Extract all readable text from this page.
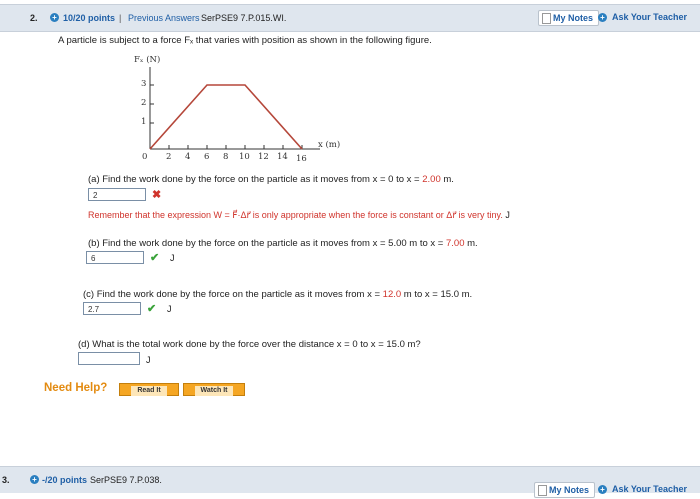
2. + 10/20 points | Previous Answers SerPSE9 7.P.015.WI.	My Notes + Ask Your Teacher
A particle is subject to a force Fₓ that varies with position as shown in the following figure.
Fₓ (N)
3
2
1
0 2 4 6 8 10 12 14 16
x (m)
(a) Find the work done by the force on the particle as it moves from x = 0 to x = 2.00 m.
2	✖
Remember that the expression W = F⃗·Δr⃗ is only appropriate when the force is constant or Δr⃗ is very tiny. J
(b) Find the work done by the force on the particle as it moves from x = 5.00 m to x = 7.00 m.
6	✔ J
(c) Find the work done by the force on the particle as it moves from x = 12.0 m to x = 15.0 m.
2.7	✔ J
(d) What is the total work done by the force over the distance x = 0 to x = 15.0 m?
J
Need Help?	Read It	Watch It
3.	+ -/20 points SerPSE9 7.P.038.
My Notes	+ Ask Your Teacher
